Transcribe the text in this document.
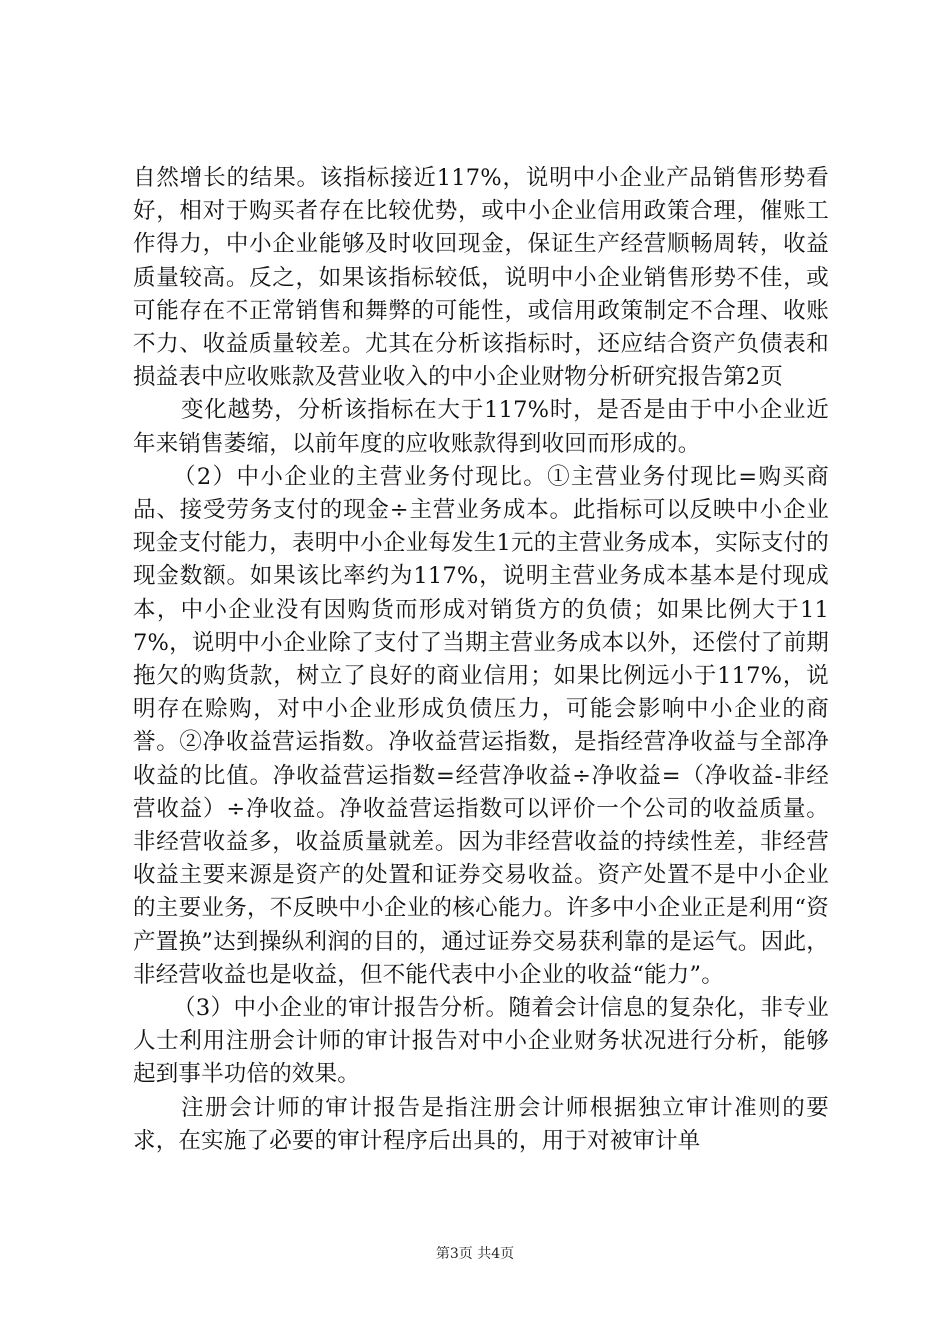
自然增长的结果。该指标接近117%，说明中小企业产品销售形势看好，相对于购买者存在比较优势，或中小企业信用政策合理，催账工作得力，中小企业能够及时收回现金，保证生产经营顺畅周转，收益质量较高。反之，如果该指标较低，说明中小企业销售形势不佳，或可能存在不正常销售和舞弊的可能性，或信用政策制定不合理、收账不力、收益质量较差。尤其在分析该指标时，还应结合资产负债表和损益表中应收账款及营业收入的中小企业财物分析研究报告第2页

变化越势，分析该指标在大于117%时，是否是由于中小企业近年来销售萎缩，以前年度的应收账款得到收回而形成的。

（2）中小企业的主营业务付现比。①主营业务付现比=购买商品、接受劳务支付的现金÷主营业务成本。此指标可以反映中小企业现金支付能力，表明中小企业每发生1元的主营业务成本，实际支付的现金数额。如果该比率约为117%，说明主营业务成本基本是付现成本，中小企业没有因购货而形成对销货方的负债；如果比例大于117%，说明中小企业除了支付了当期主营业务成本以外，还偿付了前期拖欠的购货款，树立了良好的商业信用；如果比例远小于117%，说明存在赊购，对中小企业形成负债压力，可能会影响中小企业的商誉。②净收益营运指数。净收益营运指数，是指经营净收益与全部净收益的比值。净收益营运指数=经营净收益÷净收益=（净收益-非经营收益）÷净收益。净收益营运指数可以评价一个公司的收益质量。非经营收益多，收益质量就差。因为非经营收益的持续性差，非经营收益主要来源是资产的处置和证券交易收益。资产处置不是中小企业的主要业务，不反映中小企业的核心能力。许多中小企业正是利用“资产置换”达到操纵利润的目的，通过证券交易获利靠的是运气。因此，非经营收益也是收益，但不能代表中小企业的收益“能力”。

（3）中小企业的审计报告分析。随着会计信息的复杂化，非专业人士利用注册会计师的审计报告对中小企业财务状况进行分析，能够起到事半功倍的效果。

注册会计师的审计报告是指注册会计师根据独立审计准则的要求，在实施了必要的审计程序后出具的，用于对被审计单

第3页 共4页
